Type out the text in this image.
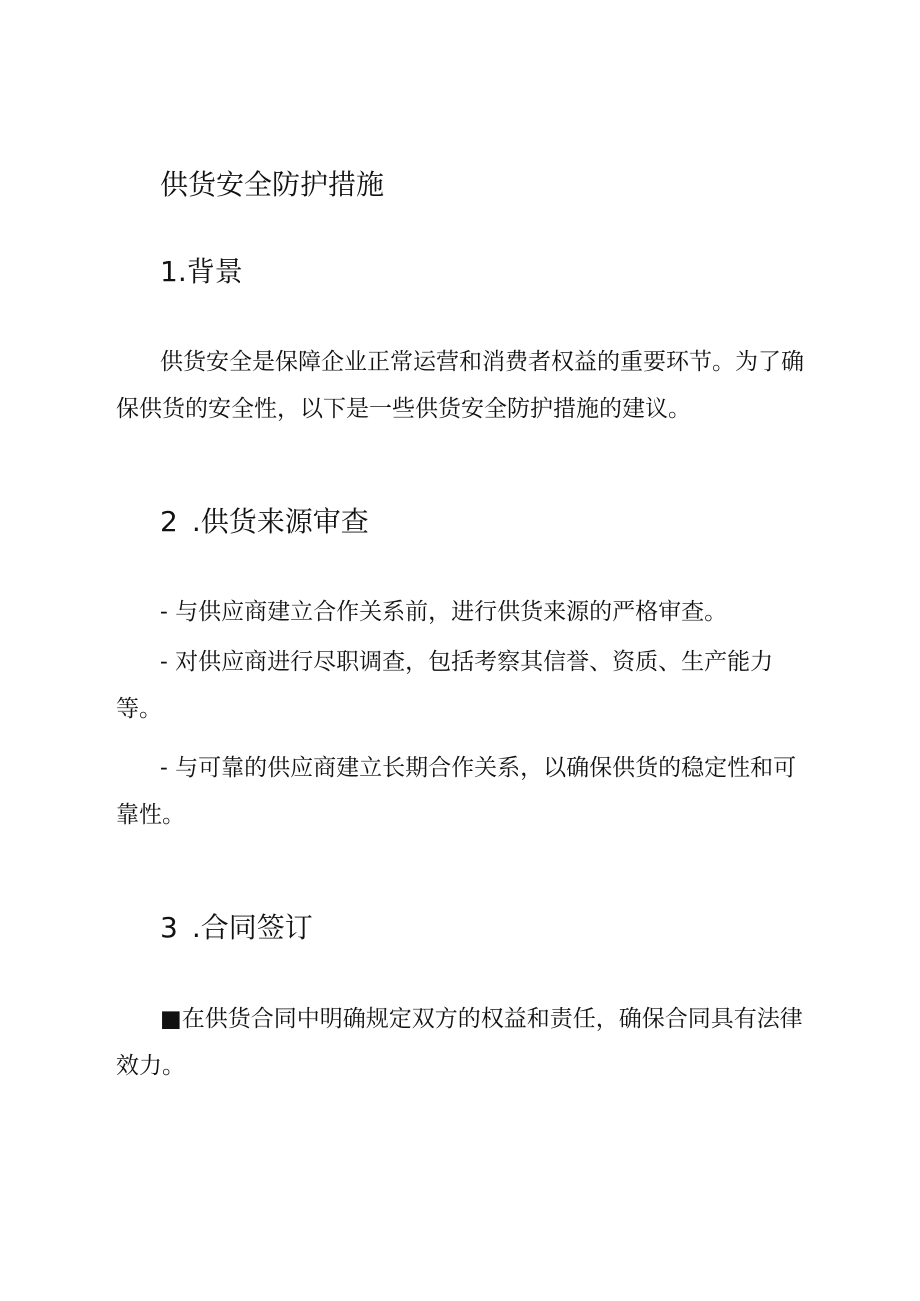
供货安全防护措施
1.背景

供货安全是保障企业正常运营和消费者权益的重要环节。为了确保供货的安全性，以下是一些供货安全防护措施的建议。

2 .供货来源审查

- 与供应商建立合作关系前，进行供货来源的严格审查。

- 对供应商进行尽职调查，包括考察其信誉、资质、生产能力等。

- 与可靠的供应商建立长期合作关系，以确保供货的稳定性和可靠性。

3 .合同签订

■在供货合同中明确规定双方的权益和责任，确保合同具有法律效力。
